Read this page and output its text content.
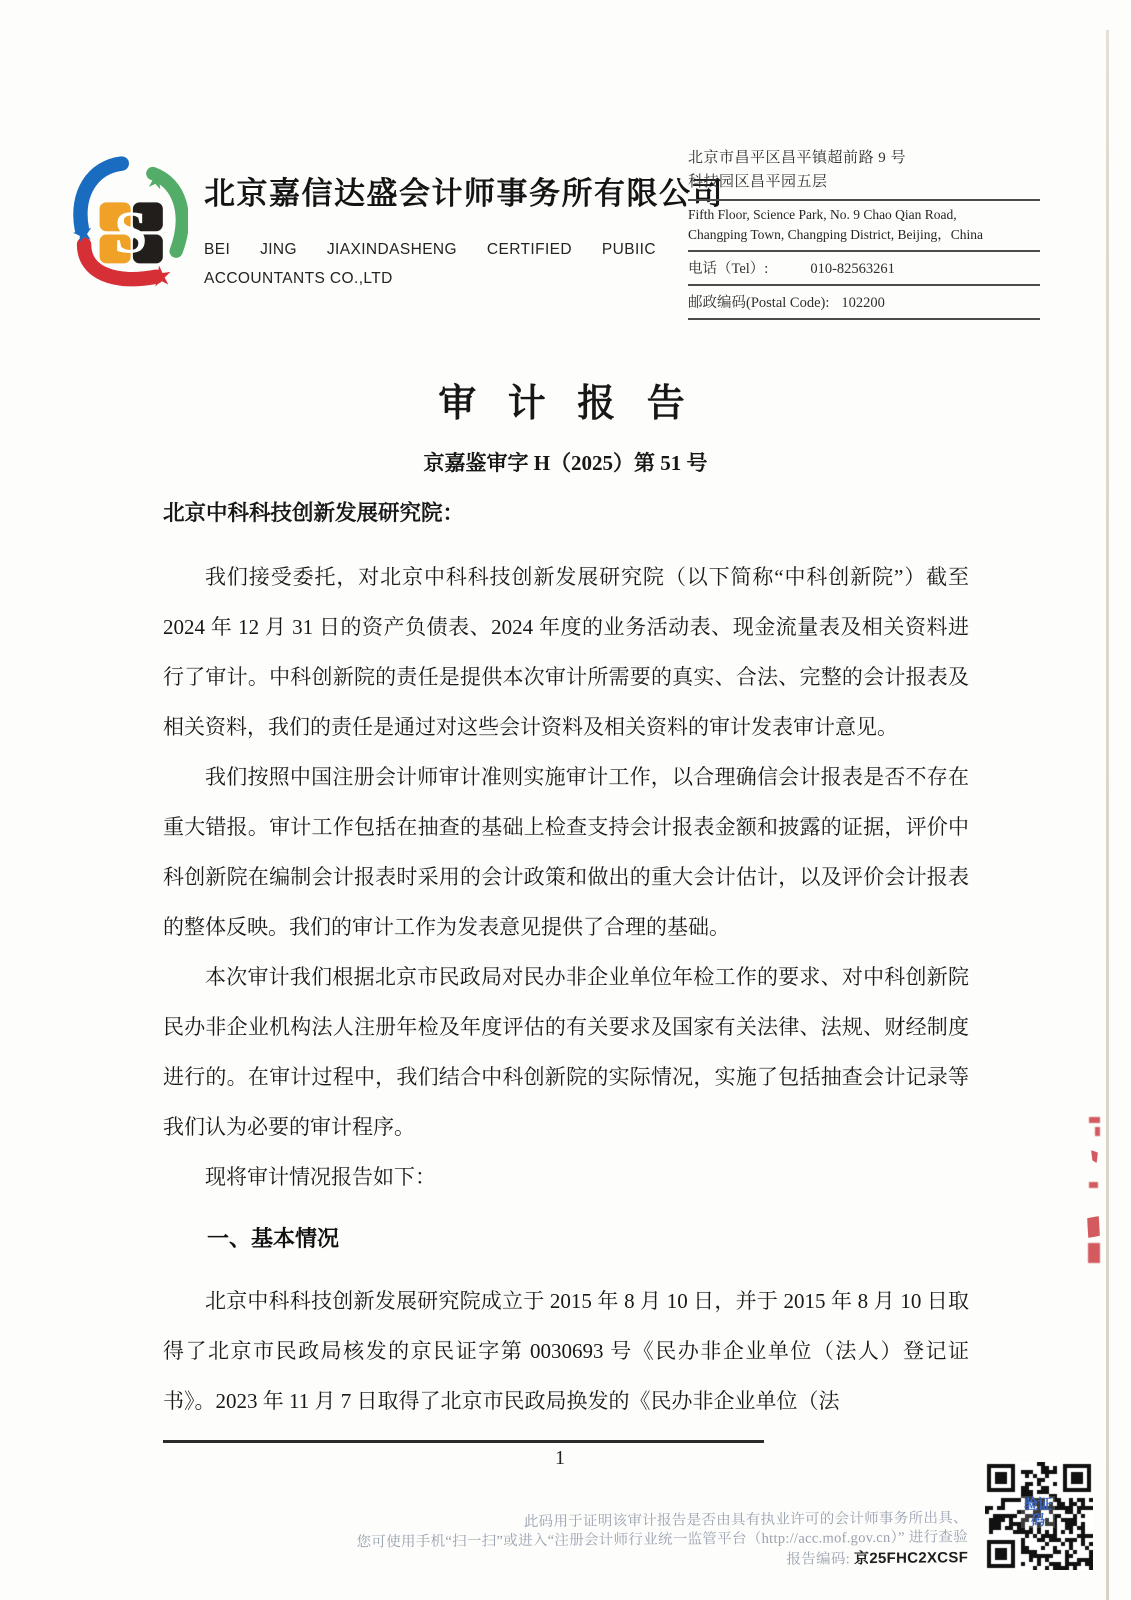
S
北京嘉信达盛会计师事务所有限公司
BEI JING JIAXINDASHENG CERTIFIED PUBIIC
ACCOUNTANTS CO.,LTD
北京市昌平区昌平镇超前路 9 号
科技园区昌平园五层
Fifth Floor, Science Park, No. 9 Chao Qian Road,
Changping Town, Changping District, Beijing，China
电话（Tel）:	010-82563261
邮政编码(Postal Code): 102200
审 计 报 告
京嘉鉴审字 H（2025）第 51 号
北京中科科技创新发展研究院：

我们接受委托，对北京中科科技创新发展研究院（以下简称“中科创新院”）截至 2024 年 12 月 31 日的资产负债表、2024 年度的业务活动表、现金流量表及相关资料进行了审计。中科创新院的责任是提供本次审计所需要的真实、合法、完整的会计报表及相关资料，我们的责任是通过对这些会计资料及相关资料的审计发表审计意见。

我们按照中国注册会计师审计准则实施审计工作，以合理确信会计报表是否不存在重大错报。审计工作包括在抽查的基础上检查支持会计报表金额和披露的证据，评价中科创新院在编制会计报表时采用的会计政策和做出的重大会计估计，以及评价会计报表的整体反映。我们的审计工作为发表意见提供了合理的基础。

本次审计我们根据北京市民政局对民办非企业单位年检工作的要求、对中科创新院民办非企业机构法人注册年检及年度评估的有关要求及国家有关法律、法规、财经制度进行的。在审计过程中，我们结合中科创新院的实际情况，实施了包括抽查会计记录等我们认为必要的审计程序。

现将审计情况报告如下：

一、基本情况

北京中科科技创新发展研究院成立于 2015 年 8 月 10 日，并于 2015 年 8 月 10 日取得了北京市民政局核发的京民证字第 0030693 号《民办非企业单位（法人）登记证书》。2023 年 11 月 7 日取得了北京市民政局换发的《民办非企业单位（法

1
此码用于证明该审计报告是否由具有执业许可的会计师事务所出具、
您可使用手机“扫一扫”或进入“注册会计师行业统一监管平台（http://acc.mof.gov.cn）” 进行查验
报告编码: 京25FHC2XCSF
验证码
